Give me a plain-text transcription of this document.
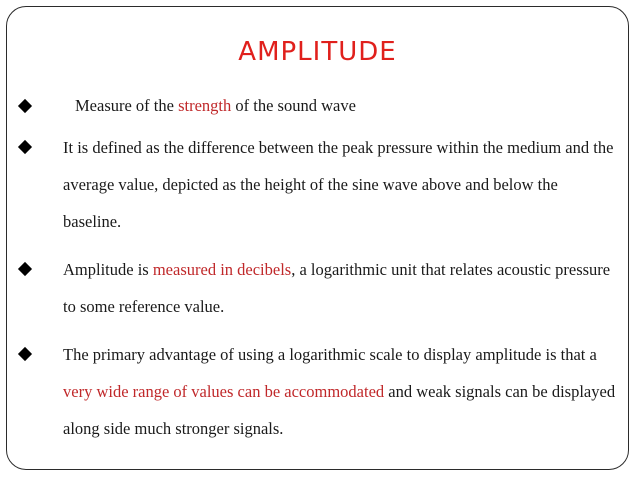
AMPLITUDE
Measure of the strength of the sound wave
It is defined as the difference between the peak pressure within the medium and the average value, depicted as the height of the sine wave above and below the baseline.
Amplitude is measured in decibels, a logarithmic unit that relates acoustic pressure to some reference value.
The primary advantage of using a logarithmic scale to display amplitude is that a very wide range of values can be accommodated and weak signals can be displayed along side much stronger signals.
